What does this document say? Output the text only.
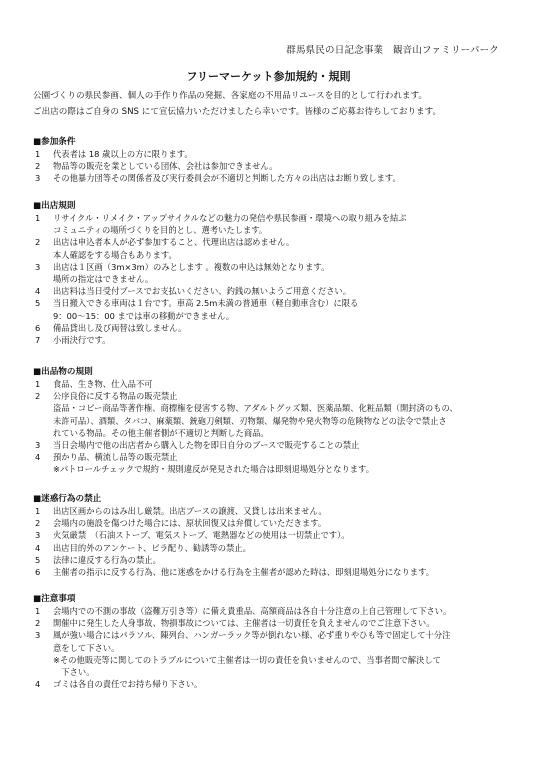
群馬県民の日記念事業　観音山ファミリーパーク
フリーマーケット参加規約・規則
公園づくりの県民参画、個人の手作り作品の発掘、各家庭の不用品リユースを目的として行われます。
ご出店の際はご自身の SNS にて宣伝協力いただけましたら幸いです。皆様のご応募お待ちしております。
■参加条件
1	代表者は 18 歳以上の方に限ります。
2	物品等の販売を業としている団体、会社は参加できません。
3	その他暴力団等その関係者及び実行委員会が不適切と判断した方々の出店はお断り致します。
■出店規則
1	リサイクル・リメイク・アップサイクルなどの魅力の発信や県民参画・環境への取り組みを結ぶ
コミュニティの場所づくりを目的とし、選考いたします。
2	出店は申込者本人が必ず参加すること、代理出店は認めません。
本人確認をする場合もあります。
3	出店は１区画（3m×3m）のみとします 。複数の申込は無効となります。
場所の指定はできません。
4	出店料は当日受付ブースでお支払いください、釣銭の無いようご用意ください。
5	当日搬入できる車両は１台です。車高 2.5m未満の普通車（軽自動車含む）に限る
9：00～15：00 までは車の移動ができません。
6	備品貸出し及び両替は致しません。
7	小雨決行です。
■出品物の規則
1	食品、生き物、仕入品不可
2	公序良俗に反する物品の販売禁止
盗品・コピー商品等著作権、商標権を侵害する物、アダルトグッズ類、医薬品類、化粧品類（開封済のもの、
未許可品）、酒類、タバコ、麻薬類、銃砲刀剣類、刃物類、爆発物や発火物等の危険物などの法令で禁止さ
れている物品。その他主催者側が不適切と判断した商品。
3	当日会場内で他の出店者から購入した物を即日自分のブースで販売することの禁止
4	預かり品、横流し品等の販売禁止
※パトロールチェックで規約・規則違反が発見された場合は即刻退場処分となります。
■迷惑行為の禁止
1	出店区画からのはみ出し厳禁。出店ブースの譲渡、又貸しは出来ません。
2	会場内の施設を傷つけた場合には、原状回復又は弁償していただきます。
3	火気厳禁　（石油ストーブ、電気ストーブ、電熱器などの使用は一切禁止です）。
4	出店目的外のアンケート、ビラ配り、勧誘等の禁止。
5	法律に違反する行為の禁止。
6	主催者の指示に反する行為、他に迷惑をかける行為を主催者が認めた時は、即刻退場処分になります。
■注意事項
1	会場内での不測の事故（盗難万引き等）に備え貴重品、高額商品は各自十分注意の上自己管理して下さい。
2	開催中に発生した人身事故、物損事故については、主催者は一切責任を負えませんのでご注意下さい。
3	風が強い場合にはパラソル、陳列台、ハンガーラック等が倒れない様、必ず重りやひも等で固定して十分注
意をして下さい。
※その他販売等に関してのトラブルについて主催者は一切の責任を負いませんので、当事者間で解決して
　下さい。
4	ゴミは各自の責任でお持ち帰り下さい。
